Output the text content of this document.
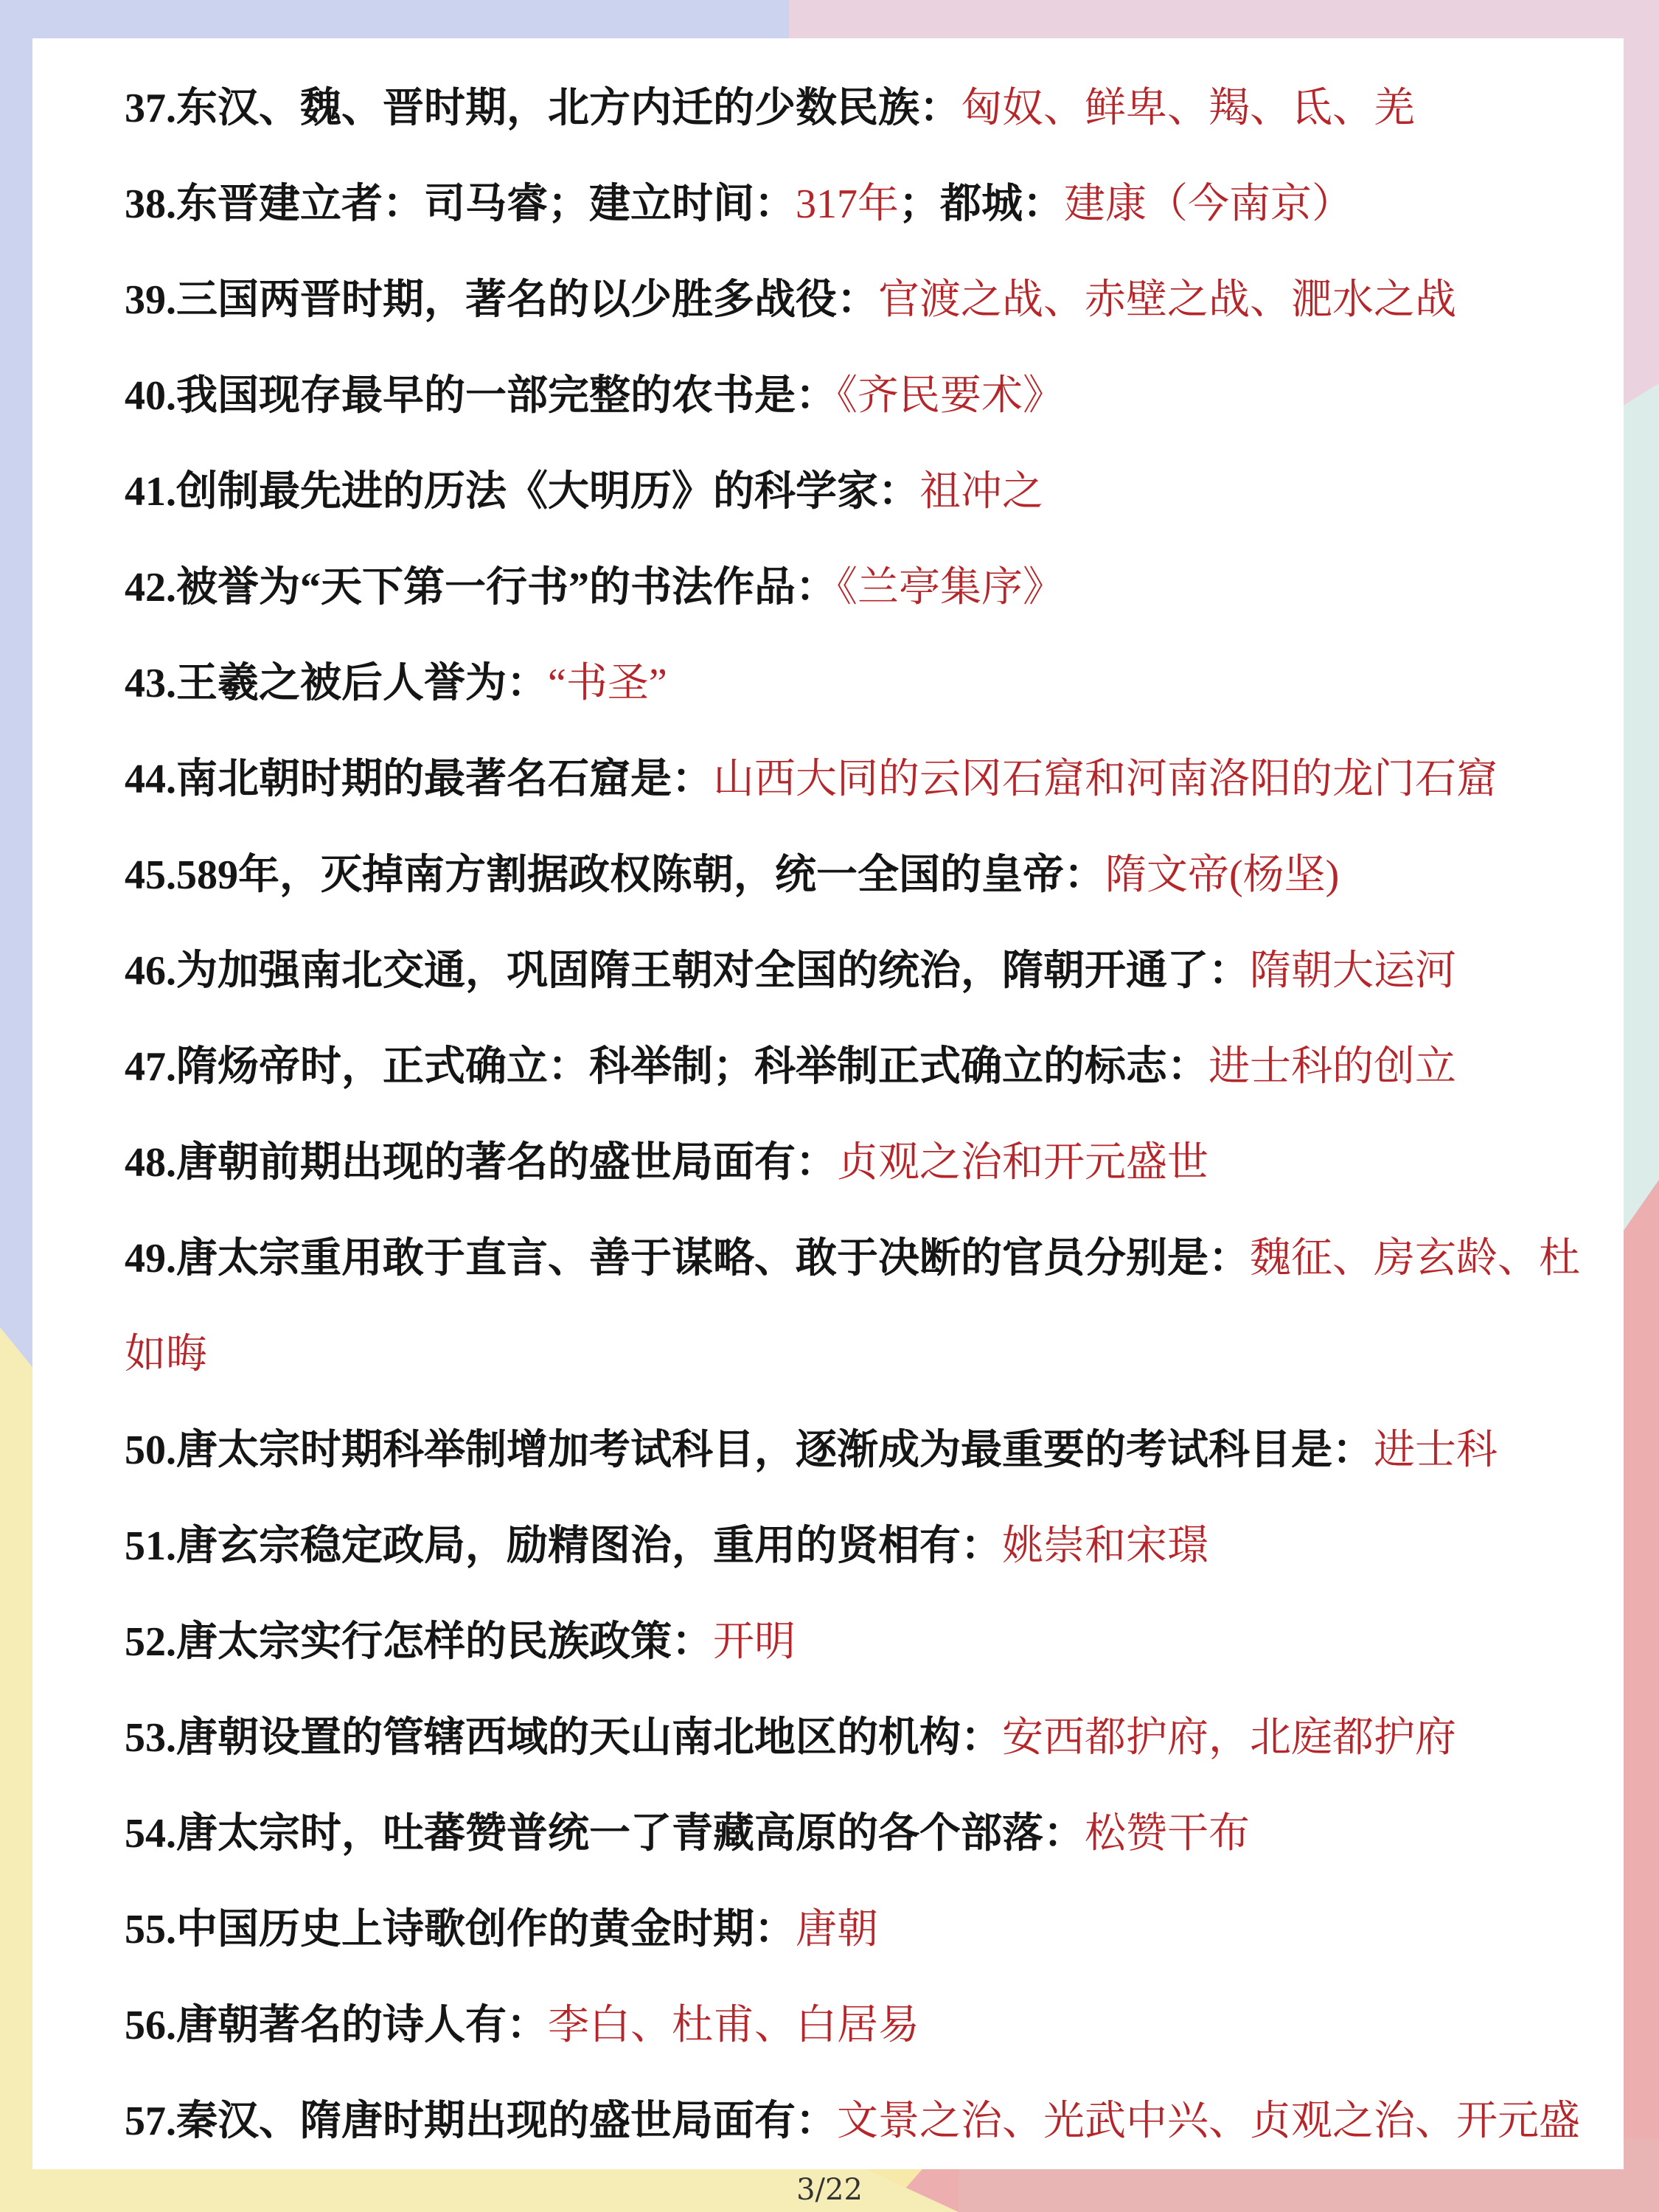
37.东汉、魏、晋时期，北方内迁的少数民族：匈奴、鲜卑、羯、氐、羌
38.东晋建立者：司马睿；建立时间：317年；都城：建康（今南京）
39.三国两晋时期，著名的以少胜多战役：官渡之战、赤壁之战、淝水之战
40.我国现存最早的一部完整的农书是：《齐民要术》
41.创制最先进的历法《大明历》的科学家：祖冲之
42.被誉为“天下第一行书”的书法作品：《兰亭集序》
43.王羲之被后人誉为：“书圣”
44.南北朝时期的最著名石窟是：山西大同的云冈石窟和河南洛阳的龙门石窟
45.589年，灭掉南方割据政权陈朝，统一全国的皇帝：隋文帝(杨坚)
46.为加强南北交通，巩固隋王朝对全国的统治，隋朝开通了：隋朝大运河
47.隋炀帝时，正式确立：科举制；科举制正式确立的标志：进士科的创立
48.唐朝前期出现的著名的盛世局面有：贞观之治和开元盛世
49.唐太宗重用敢于直言、善于谋略、敢于决断的官员分别是：魏征、房玄龄、杜如晦
50.唐太宗时期科举制增加考试科目，逐渐成为最重要的考试科目是：进士科
51.唐玄宗稳定政局，励精图治，重用的贤相有：姚崇和宋璟
52.唐太宗实行怎样的民族政策：开明
53.唐朝设置的管辖西域的天山南北地区的机构：安西都护府，北庭都护府
54.唐太宗时，吐蕃赞普统一了青藏高原的各个部落：松赞干布
55.中国历史上诗歌创作的黄金时期：唐朝
56.唐朝著名的诗人有：李白、杜甫、白居易
57.秦汉、隋唐时期出现的盛世局面有：文景之治、光武中兴、贞观之治、开元盛
3/22
